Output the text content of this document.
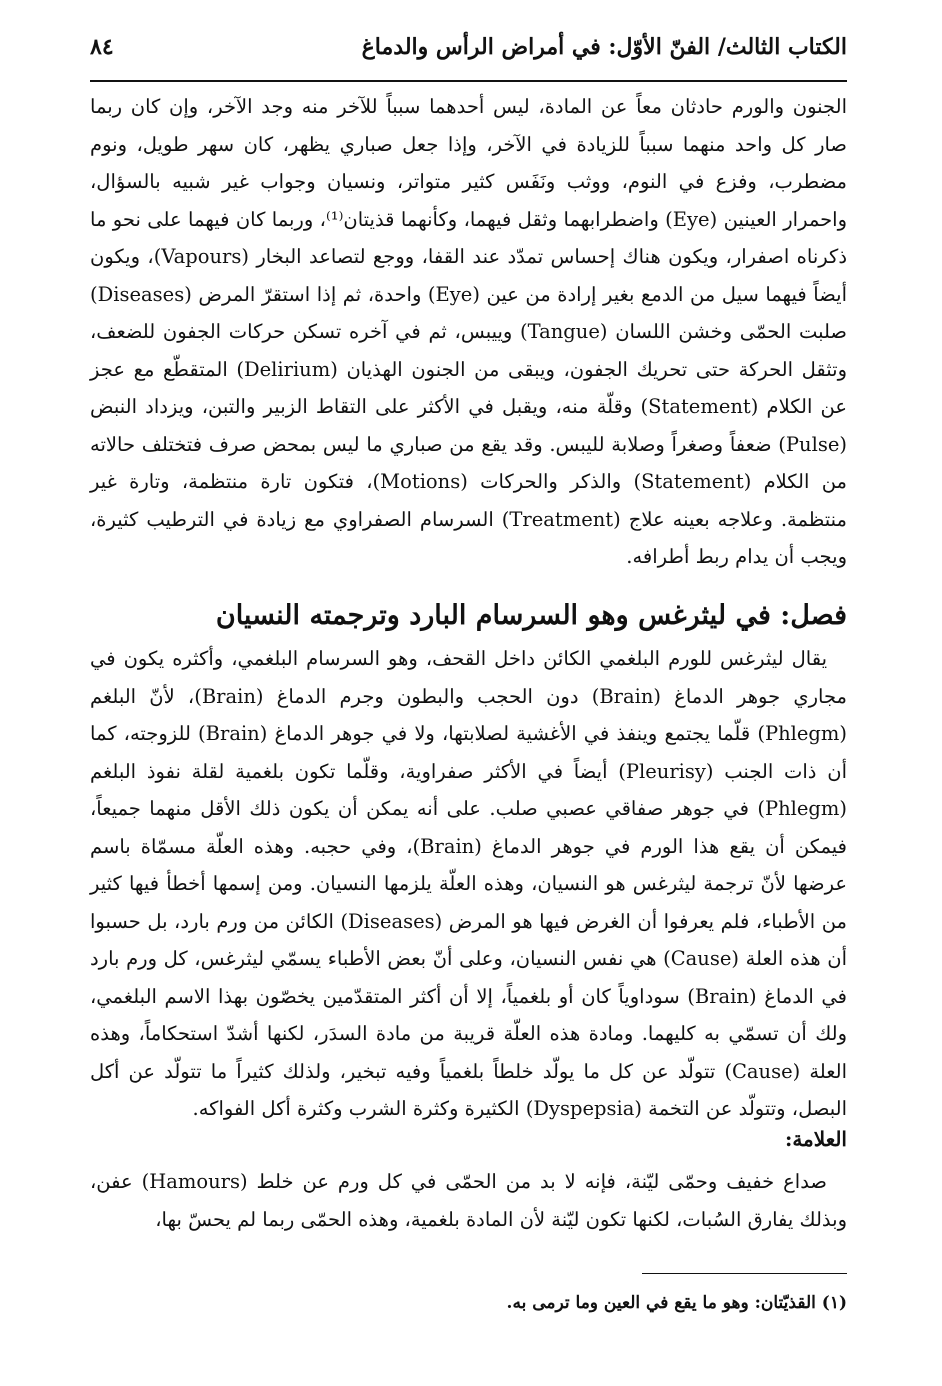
الكتاب الثالث/ الفنّ الأوّل: في أمراض الرأس والدماغ
٨٤

الجنون والورم حادثان معاً عن المادة، ليس أحدهما سبباً للآخر منه وجد الآخر، وإن كان ربما صار كل واحد منهما سبباً للزيادة في الآخر، وإذا جعل صباري يظهر، كان سهر طويل، ونوم مضطرب، وفزع في النوم، ووثب ونَفَس كثير متواتر، ونسيان وجواب غير شبيه بالسؤال، واحمرار العينين (Eye) واضطرابهما وثقل فيهما، وكأنهما قذيتان⁽¹⁾، وربما كان فيهما على نحو ما ذكرناه اصفرار، ويكون هناك إحساس تمدّد عند القفا، ووجع لتصاعد البخار (Vapours)، ويكون أيضاً فيهما سيل من الدمع بغير إرادة من عين (Eye) واحدة، ثم إذا استقرّ المرض (Diseases) صلبت الحمّى وخشن اللسان (Tangue) وييبس، ثم في آخره تسكن حركات الجفون للضعف، وتثقل الحركة حتى تحريك الجفون، ويبقى من الجنون الهذيان (Delirium) المتقطّع مع عجز عن الكلام (Statement) وقلّة منه، ويقبل في الأكثر على التقاط الزبير والتبن، ويزداد النبض (Pulse) ضعفاً وصغراً وصلابة لليبس. وقد يقع من صباري ما ليس بمحض صرف فتختلف حالاته من الكلام (Statement) والذكر والحركات (Motions)، فتكون تارة منتظمة، وتارة غير منتظمة. وعلاجه بعينه علاج (Treatment) السرسام الصفراوي مع زيادة في الترطيب كثيرة، ويجب أن يدام ربط أطرافه.

فصل: في ليثرغس وهو السرسام البارد وترجمته النسيان

يقال ليثرغس للورم البلغمي الكائن داخل القحف، وهو السرسام البلغمي، وأكثره يكون في مجاري جوهر الدماغ (Brain) دون الحجب والبطون وجرم الدماغ (Brain)، لأنّ البلغم (Phlegm) قلّما يجتمع وينفذ في الأغشية لصلابتها، ولا في جوهر الدماغ (Brain) للزوجته، كما أن ذات الجنب (Pleurisy) أيضاً في الأكثر صفراوية، وقلّما تكون بلغمية لقلة نفوذ البلغم (Phlegm) في جوهر صفاقي عصبي صلب. على أنه يمكن أن يكون ذلك الأقل منهما جميعاً، فيمكن أن يقع هذا الورم في جوهر الدماغ (Brain)، وفي حجبه. وهذه العلّة مسمّاة باسم عرضها لأنّ ترجمة ليثرغس هو النسيان، وهذه العلّة يلزمها النسيان. ومن إسمها أخطأ فيها كثير من الأطباء، فلم يعرفوا أن الغرض فيها هو المرض (Diseases) الكائن من ورم بارد، بل حسبوا أن هذه العلة (Cause) هي نفس النسيان، وعلى أنّ بعض الأطباء يسمّي ليثرغس، كل ورم بارد في الدماغ (Brain) سوداوياً كان أو بلغمياً، إلا أن أكثر المتقدّمين يخصّون بهذا الاسم البلغمي، ولك أن تسمّي به كليهما. ومادة هذه العلّة قريبة من مادة السدَر، لكنها أشدّ استحكاماً، وهذه العلة (Cause) تتولّد عن كل ما يولّد خلطاً بلغمياً وفيه تبخير، ولذلك كثيراً ما تتولّد عن أكل البصل، وتتولّد عن التخمة (Dyspepsia) الكثيرة وكثرة الشرب وكثرة أكل الفواكه.

العلامة:

صداع خفيف وحمّى ليّنة، فإنه لا بد من الحمّى في كل ورم عن خلط (Hamours) عفن، وبذلك يفارق السُبات، لكنها تكون ليّنة لأن المادة بلغمية، وهذه الحمّى ربما لم يحسّ بها،

(١) القذيّتان: وهو ما يقع في العين وما ترمى به.
